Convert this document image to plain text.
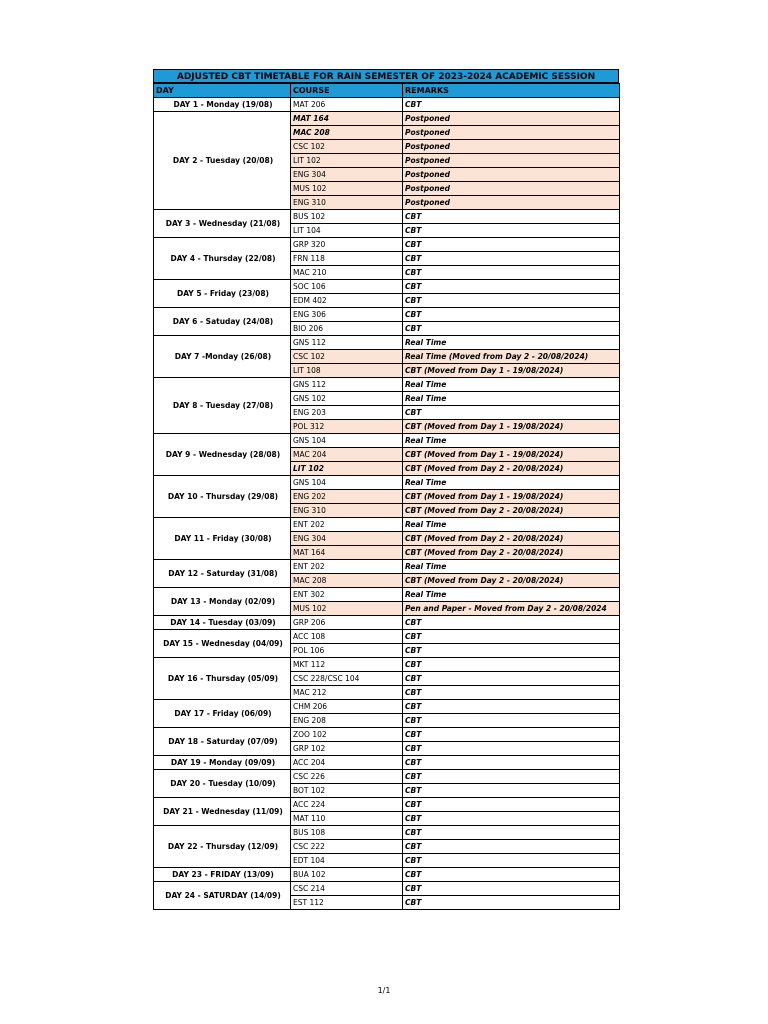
ADJUSTED CBT TIMETABLE FOR RAIN SEMESTER OF 2023-2024 ACADEMIC SESSION
DAY	COURSE	REMARKS
DAY 1 - Monday (19/08)	MAT 206	CBT
DAY 2 - Tuesday (20/08)	MAT 164	Postponed
	MAC 208	Postponed
	CSC 102	Postponed
	LIT 102	Postponed
	ENG 304	Postponed
	MUS 102	Postponed
	ENG 310	Postponed
DAY 3 - Wednesday (21/08)	BUS 102	CBT
	LIT 104	CBT
DAY 4 - Thursday (22/08)	GRP 320	CBT
	FRN 118	CBT
	MAC 210	CBT
DAY 5 - Friday (23/08)	SOC 106	CBT
	EDM 402	CBT
DAY 6 - Satuday (24/08)	ENG 306	CBT
	BIO 206	CBT
DAY 7 -Monday (26/08)	GNS 112	Real Time
	CSC 102	Real Time (Moved from Day 2 - 20/08/2024)
	LIT 108	CBT (Moved from Day 1 - 19/08/2024)
DAY 8 - Tuesday (27/08)	GNS 112	Real Time
	GNS 102	Real Time
	ENG 203	CBT
	POL 312	CBT (Moved from Day 1 - 19/08/2024)
DAY 9 - Wednesday (28/08)	GNS 104	Real Time
	MAC 204	CBT (Moved from Day 1 - 19/08/2024)
	LIT 102	CBT (Moved from Day 2 - 20/08/2024)
DAY 10 - Thursday (29/08)	GNS 104	Real Time
	ENG 202	CBT (Moved from Day 1 - 19/08/2024)
	ENG 310	CBT (Moved from Day 2 - 20/08/2024)
DAY 11 - Friday (30/08)	ENT 202	Real Time
	ENG 304	CBT (Moved from Day 2 - 20/08/2024)
	MAT 164	CBT (Moved from Day 2 - 20/08/2024)
DAY 12 - Saturday (31/08)	ENT 202	Real Time
	MAC 208	CBT (Moved from Day 2 - 20/08/2024)
DAY 13 - Monday (02/09)	ENT 302	Real Time
	MUS 102	Pen and Paper - Moved from Day 2 - 20/08/2024
DAY 14 - Tuesday (03/09)	GRP 206	CBT
DAY 15 - Wednesday (04/09)	ACC 108	CBT
	POL 106	CBT
DAY 16 - Thursday (05/09)	MKT 112	CBT
	CSC 228/CSC 104	CBT
	MAC 212	CBT
DAY 17 - Friday (06/09)	CHM 206	CBT
	ENG 208	CBT
DAY 18 - Saturday (07/09)	ZOO 102	CBT
	GRP 102	CBT
DAY 19 - Monday (09/09)	ACC 204	CBT
DAY 20 - Tuesday (10/09)	CSC 226	CBT
	BOT 102	CBT
DAY 21 - Wednesday (11/09)	ACC 224	CBT
	MAT 110	CBT
DAY 22 - Thursday (12/09)	BUS 108	CBT
	CSC 222	CBT
	EDT 104	CBT
DAY 23 - FRIDAY (13/09)	BUA 102	CBT
DAY 24 - SATURDAY (14/09)	CSC 214	CBT
	EST 112	CBT
1/1
